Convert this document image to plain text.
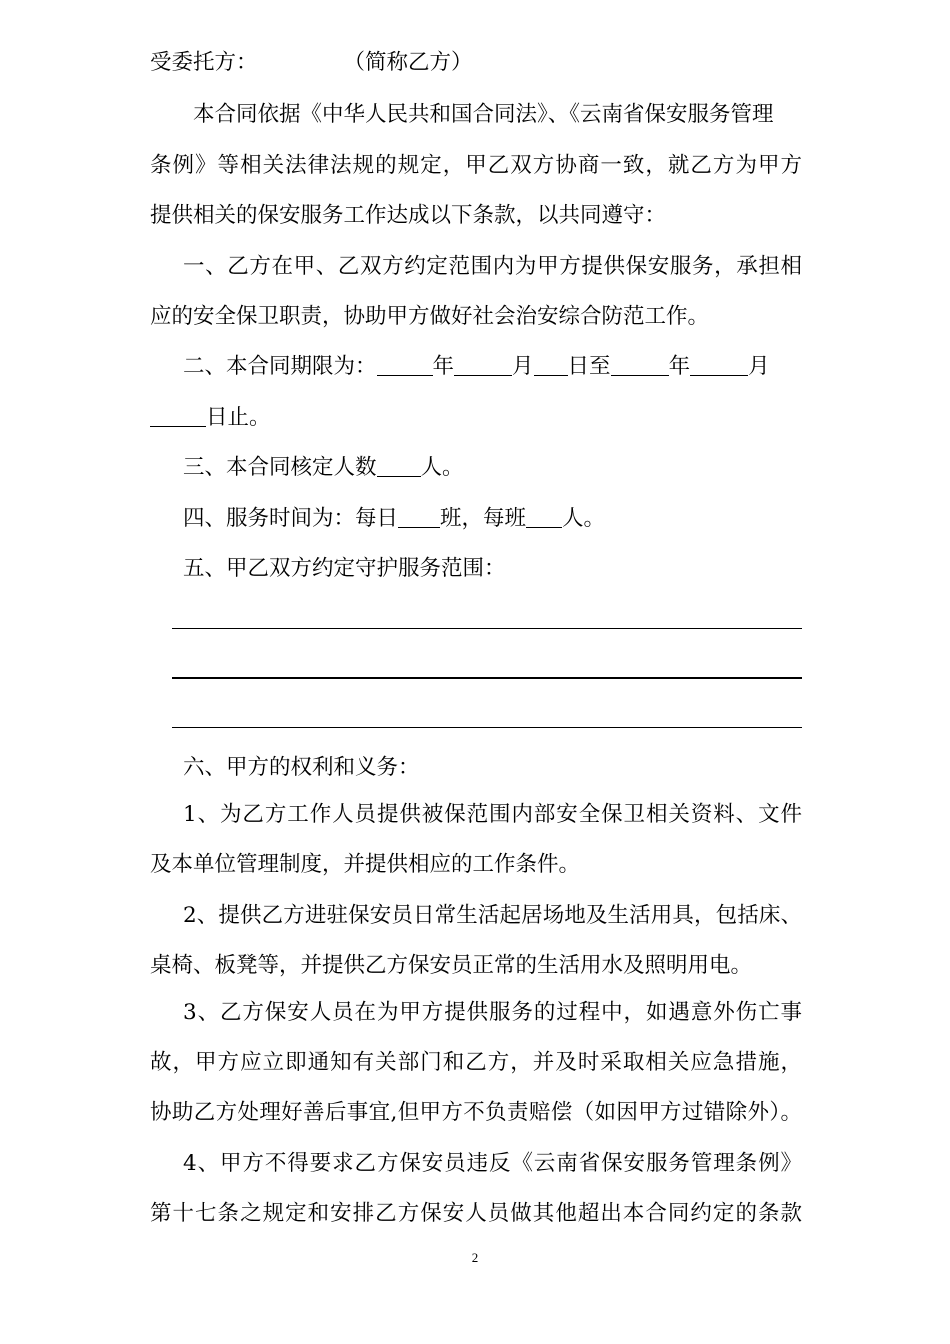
受委托方：	（简称乙方）
本合同依据《中华人民共和国合同法》、《云南省保安服务管理
条例》等相关法律法规的规定，甲乙双方协商一致，就乙方为甲方
提供相关的保安服务工作达成以下条款，以共同遵守：
一、乙方在甲、乙双方约定范围内为甲方提供保安服务，承担相
应的安全保卫职责，协助甲方做好社会治安综合防范工作。
二、本合同期限为：	年	月 日至	年	月
日止。
三、本合同核定人数 人。
四、服务时间为：每日 班，每班 人。
五、甲乙双方约定守护服务范围：
六、甲方的权利和义务：
1、为乙方工作人员提供被保范围内部安全保卫相关资料、文件
及本单位管理制度，并提供相应的工作条件。
2、提供乙方进驻保安员日常生活起居场地及生活用具，包括床、
桌椅、板凳等，并提供乙方保安员正常的生活用水及照明用电。
3、乙方保安人员在为甲方提供服务的过程中，如遇意外伤亡事
故，甲方应立即通知有关部门和乙方，并及时采取相关应急措施，
协助乙方处理好善后事宜,但甲方不负责赔偿（如因甲方过错除外）。
4、甲方不得要求乙方保安员违反《云南省保安服务管理条例》
第十七条之规定和安排乙方保安人员做其他超出本合同约定的条款
2
